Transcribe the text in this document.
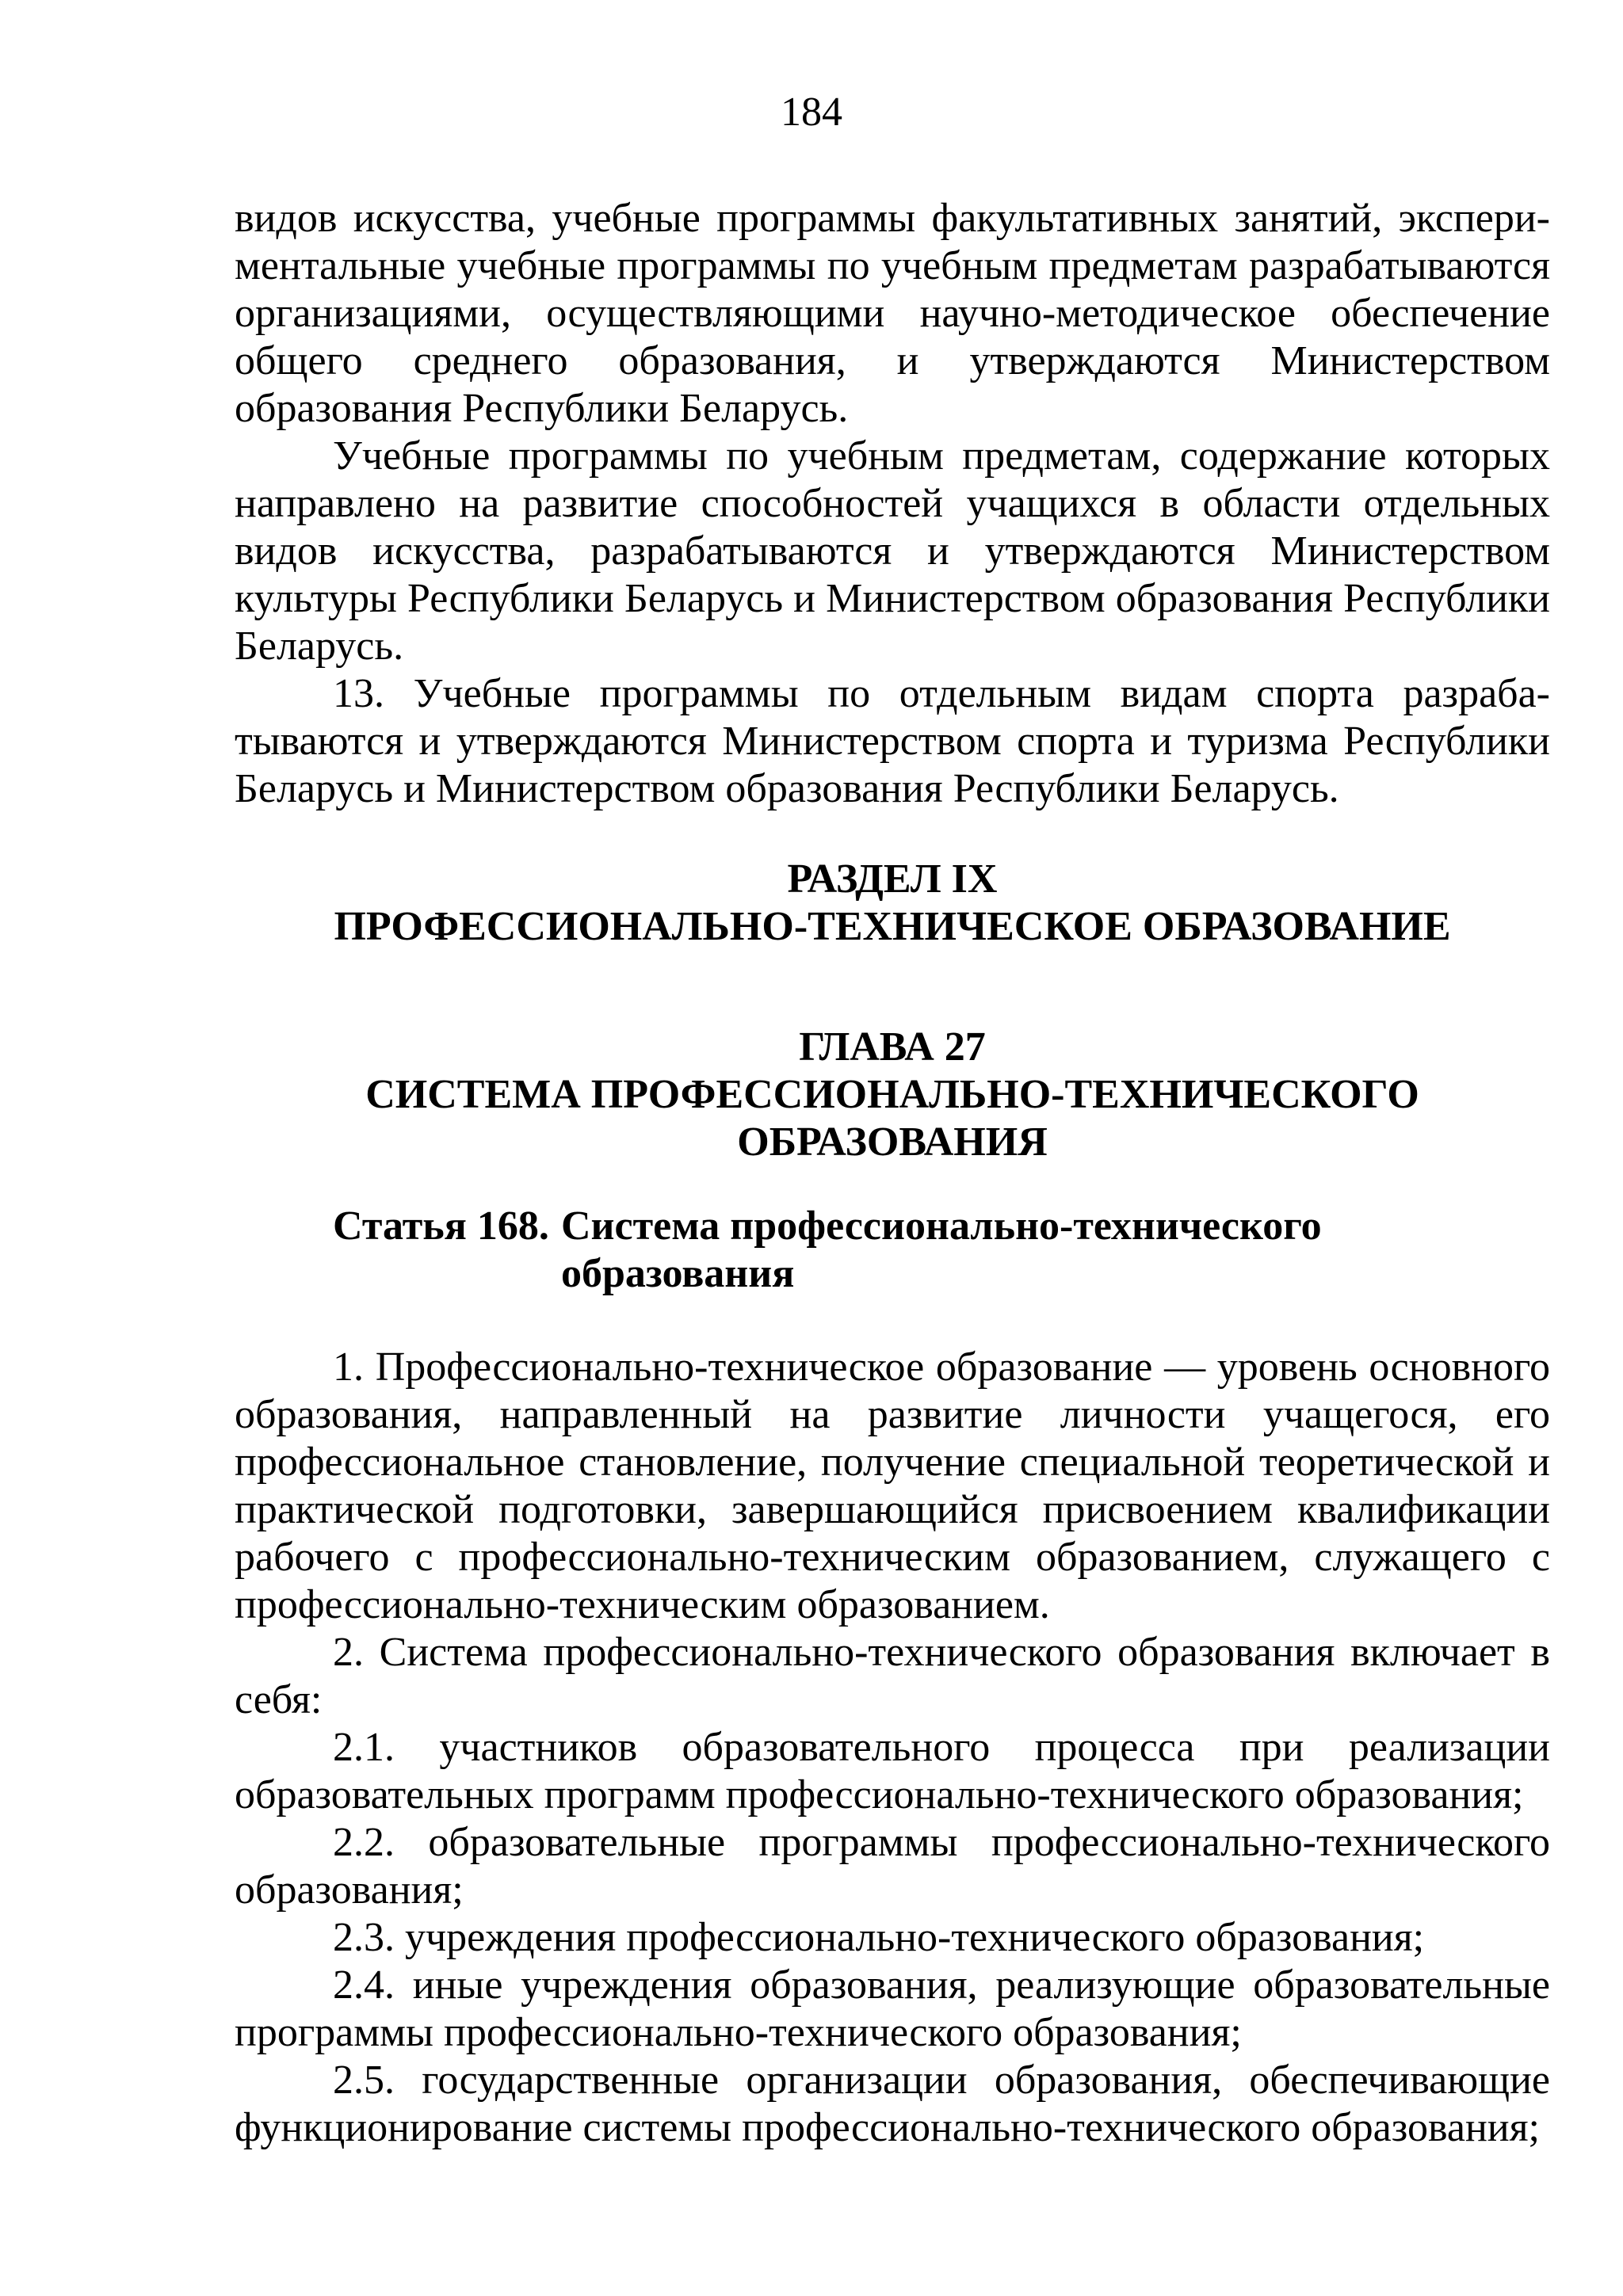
184

видов искусства, учебные программы факультативных занятий, экспери-ментальные учебные программы по учебным предметам разрабатываются организациями, осуществляющими научно-методическое обеспечение общего среднего образования, и утверждаются Министерством образования Республики Беларусь.

Учебные программы по учебным предметам, содержание которых направлено на развитие способностей учащихся в области отдельных видов искусства, разрабатываются и утверждаются Министерством культуры Республики Беларусь и Министерством образования Республики Беларусь.

13. Учебные программы по отдельным видам спорта разраба-тываются и утверждаются Министерством спорта и туризма Республики Беларусь и Министерством образования Республики Беларусь.

РАЗДЕЛ IX
ПРОФЕССИОНАЛЬНО-ТЕХНИЧЕСКОЕ ОБРАЗОВАНИЕ
ГЛАВА 27
СИСТЕМА ПРОФЕССИОНАЛЬНО-ТЕХНИЧЕСКОГО
ОБРАЗОВАНИЯ
Статья 168. Система профессионально-технического образования

1. Профессионально-техническое образование — уровень основного образования, направленный на развитие личности учащегося, его профессиональное становление, получение специальной теоретической и практической подготовки, завершающийся присвоением квалификации рабочего с профессионально-техническим образованием, служащего с профессионально-техническим образованием.

2. Система профессионально-технического образования включает в себя:

2.1. участников образовательного процесса при реализации образовательных программ профессионально-технического образования;

2.2. образовательные программы профессионально-технического образования;

2.3. учреждения профессионально-технического образования;

2.4. иные учреждения образования, реализующие образовательные программы профессионально-технического образования;

2.5. государственные организации образования, обеспечивающие функционирование системы профессионально-технического образования;
